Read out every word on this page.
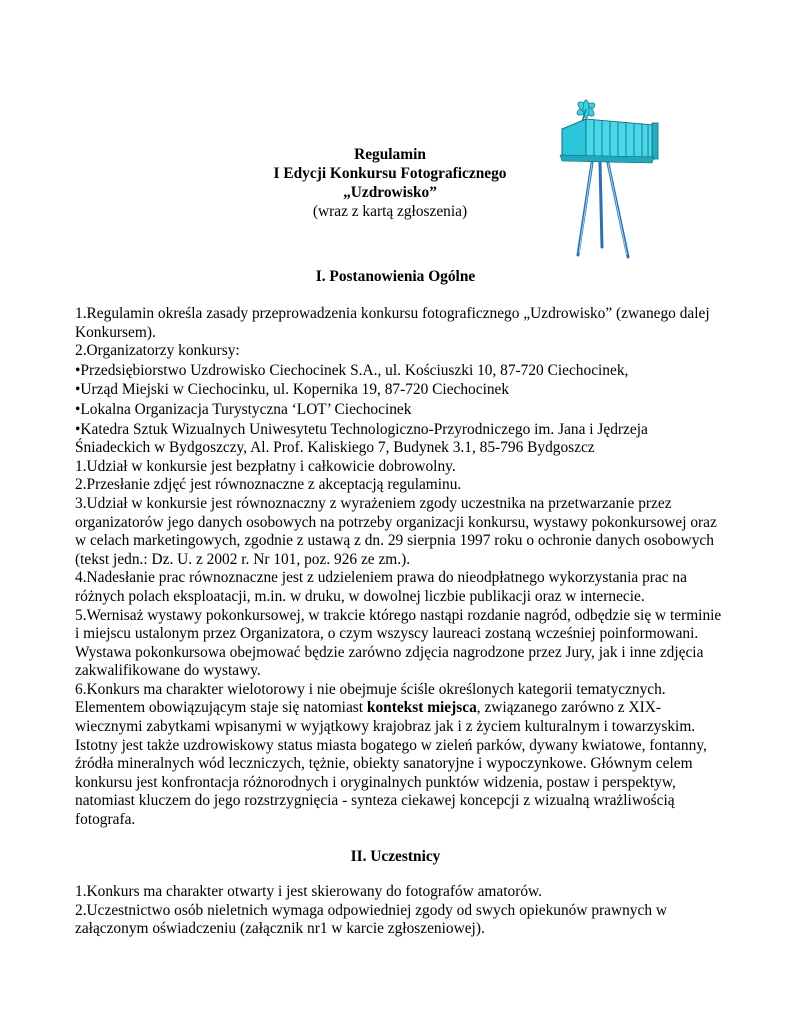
Regulamin
I Edycji Konkursu Fotograficznego
„Uzdrowisko”
(wraz z kartą zgłoszenia)
I. Postanowienia Ogólne

1.Regulamin określa zasady przeprowadzenia konkursu fotograficznego „Uzdrowisko” (zwanego dalej Konkursem).

2.Organizatorzy konkursy:

•Przedsiębiorstwo Uzdrowisko Ciechocinek S.A., ul. Kościuszki 10, 87-720 Ciechocinek,

•Urząd Miejski w Ciechocinku, ul. Kopernika 19, 87-720 Ciechocinek

•Lokalna Organizacja Turystyczna ‘LOT’ Ciechocinek

•Katedra Sztuk Wizualnych Uniwesytetu Technologiczno-Przyrodniczego im. Jana i Jędrzeja Śniadeckich w Bydgoszczy, Al. Prof. Kaliskiego 7, Budynek 3.1, 85-796 Bydgoszcz

1.Udział w konkursie jest bezpłatny i całkowicie dobrowolny.

2.Przesłanie zdjęć jest równoznaczne z akceptacją regulaminu.

3.Udział w konkursie jest równoznaczny z wyrażeniem zgody uczestnika na przetwarzanie przez organizatorów jego danych osobowych na potrzeby organizacji konkursu, wystawy pokonkursowej oraz w celach marketingowych, zgodnie z ustawą z dn. 29 sierpnia 1997 roku o ochronie danych osobowych (tekst jedn.: Dz. U. z 2002 r. Nr 101, poz. 926 ze zm.).

4.Nadesłanie prac równoznaczne jest z udzieleniem prawa do nieodpłatnego wykorzystania prac na różnych polach eksploatacji, m.in. w druku, w dowolnej liczbie publikacji oraz w internecie.

5.Wernisaż wystawy pokonkursowej, w trakcie którego nastąpi rozdanie nagród, odbędzie się w terminie i miejscu ustalonym przez Organizatora, o czym wszyscy laureaci zostaną wcześniej poinformowani. Wystawa pokonkursowa obejmować będzie zarówno zdjęcia nagrodzone przez Jury, jak i inne zdjęcia zakwalifikowane do wystawy.

6.Konkurs ma charakter wielotorowy i nie obejmuje ściśle określonych kategorii tematycznych. Elementem obowiązującym staje się natomiast kontekst miejsca, związanego zarówno z XIX-wiecznymi zabytkami wpisanymi w wyjątkowy krajobraz jak i z życiem kulturalnym i towarzyskim. Istotny jest także uzdrowiskowy status miasta bogatego w zieleń parków, dywany kwiatowe, fontanny, źródła mineralnych wód leczniczych, tężnie, obiekty sanatoryjne i wypoczynkowe. Głównym celem konkursu jest konfrontacja różnorodnych i oryginalnych punktów widzenia, postaw i perspektyw, natomiast kluczem do jego rozstrzygnięcia - synteza ciekawej koncepcji z wizualną wrażliwością fotografa.

II. Uczestnicy

1.Konkurs ma charakter otwarty i jest skierowany do fotografów amatorów.

2.Uczestnictwo osób nieletnich wymaga odpowiedniej zgody od swych opiekunów prawnych w załączonym oświadczeniu (załącznik nr1 w karcie zgłoszeniowej).
